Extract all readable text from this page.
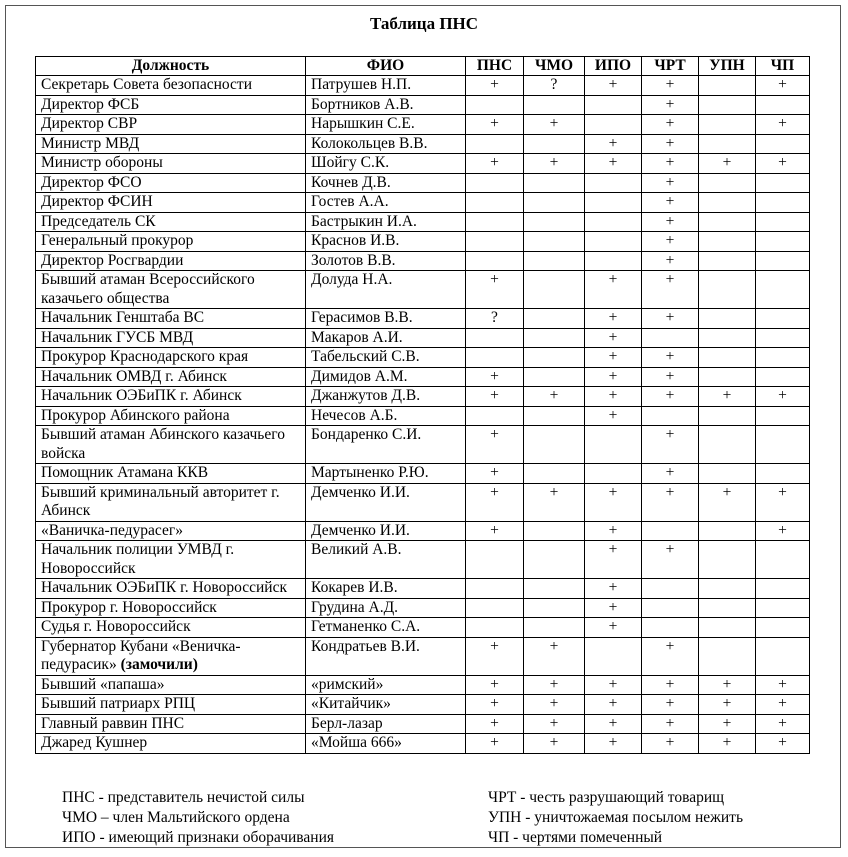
Таблица ПНС
Должность	ФИО	ПНС	ЧМО	ИПО	ЧРТ	УПН	ЧП
Секретарь Совета безопасности	Патрушев Н.П.	+	?	+	+		+
Директор ФСБ	Бортников А.В.				+		
Директор СВР	Нарышкин С.Е.	+	+		+		+
Министр МВД	Колокольцев В.В.			+	+		
Министр обороны	Шойгу С.К.	+	+	+	+	+	+
Директор ФСО	Кочнев Д.В.				+		
Директор ФСИН	Гостев А.А.				+		
Председатель СК	Бастрыкин И.А.				+		
Генеральный прокурор	Краснов И.В.				+		
Директор Росгвардии	Золотов В.В.				+		
Бывший атаман Всероссийского казачьего общества	Долуда Н.А.	+		+	+		
Начальник Генштаба ВС	Герасимов В.В.	?		+	+		
Начальник ГУСБ МВД	Макаров А.И.			+			
Прокурор Краснодарского края	Табельский С.В.			+	+		
Начальник ОМВД г. Абинск	Димидов А.М.	+		+	+		
Начальник ОЭБиПК г. Абинск	Джанжутов Д.В.	+	+	+	+	+	+
Прокурор Абинского района	Нечесов А.Б.			+			
Бывший атаман Абинского казачьего войска	Бондаренко С.И.	+			+		
Помощник Атамана ККВ	Мартыненко Р.Ю.	+			+		
Бывший криминальный авторитет г. Абинск	Демченко И.И.	+	+	+	+	+	+
«Ваничка-педурасег»	Демченко И.И.	+		+			+
Начальник полиции УМВД г. Новороссийск	Великий А.В.			+	+		
Начальник ОЭБиПК г. Новороссийск	Кокарев И.В.			+			
Прокурор г. Новороссийск	Грудина А.Д.			+			
Судья г. Новороссийск	Гетманенко С.А.			+			
Губернатор Кубани «Веничка-педурасик» (замочили)	Кондратьев В.И.	+	+		+		
Бывший «папаша»	«римский»	+	+	+	+	+	+
Бывший патриарх РПЦ	«Китайчик»	+	+	+	+	+	+
Главный раввин ПНС	Берл-лазар	+	+	+	+	+	+
Джаред Кушнер	«Мойша 666»	+	+	+	+	+	+
ПНС - представитель нечистой силы
ЧМО – член Мальтийского ордена
ИПО - имеющий признаки оборачивания
ЧРТ - честь разрушающий товарищ
УПН - уничтожаемая посылом нежить
ЧП - чертями помеченный
